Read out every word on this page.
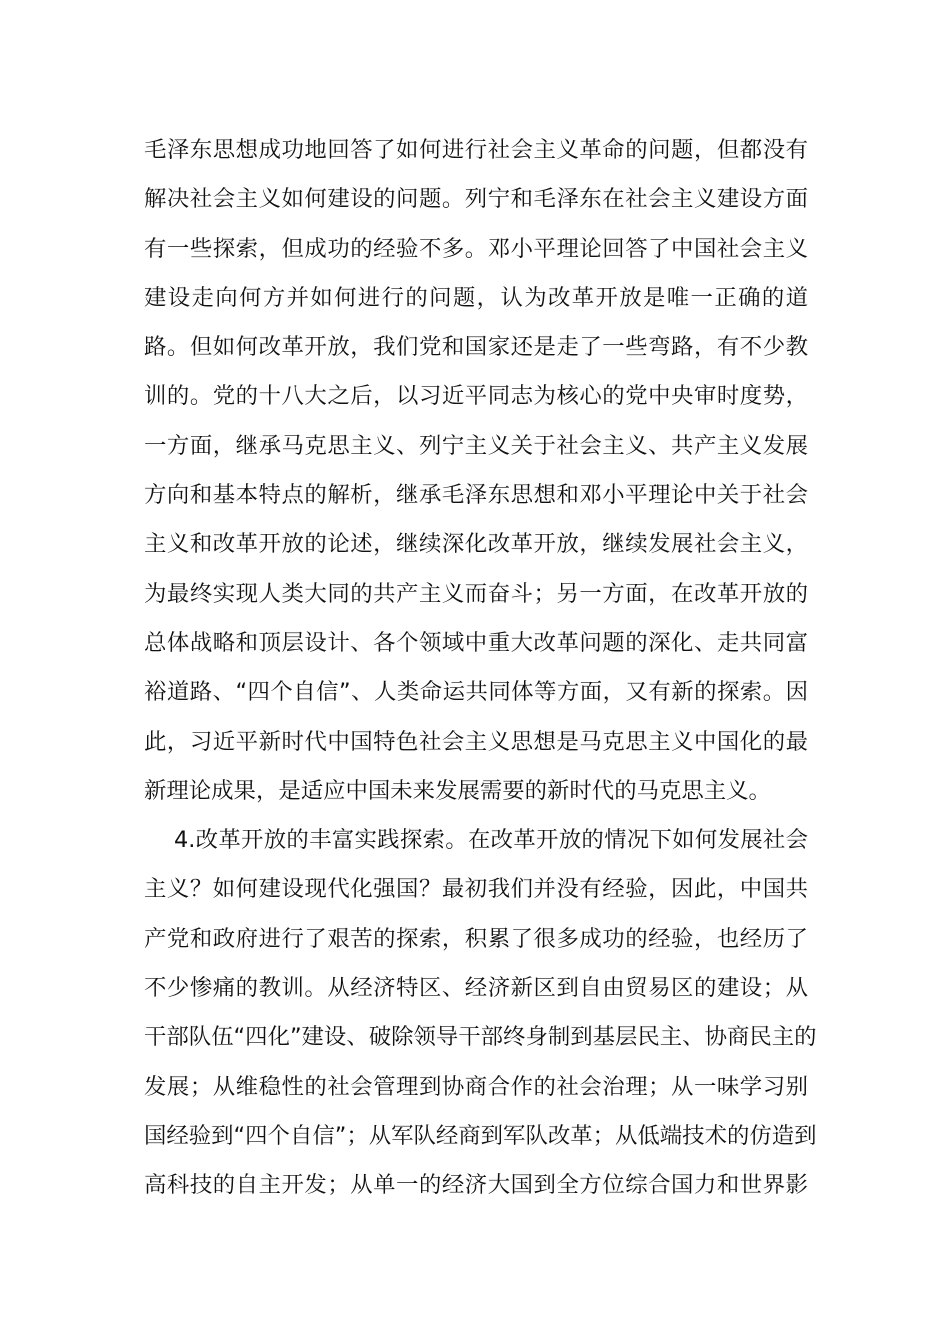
毛泽东思想成功地回答了如何进行社会主义革命的问题，但都没有
解决社会主义如何建设的问题。列宁和毛泽东在社会主义建设方面
有一些探索，但成功的经验不多。邓小平理论回答了中国社会主义
建设走向何方并如何进行的问题，认为改革开放是唯一正确的道
路。但如何改革开放，我们党和国家还是走了一些弯路，有不少教
训的。党的十八大之后，以习近平同志为核心的党中央审时度势，
一方面，继承马克思主义、列宁主义关于社会主义、共产主义发展
方向和基本特点的解析，继承毛泽东思想和邓小平理论中关于社会
主义和改革开放的论述，继续深化改革开放，继续发展社会主义，
为最终实现人类大同的共产主义而奋斗；另一方面，在改革开放的
总体战略和顶层设计、各个领域中重大改革问题的深化、走共同富
裕道路、“四个自信”、人类命运共同体等方面，又有新的探索。因
此，习近平新时代中国特色社会主义思想是马克思主义中国化的最
新理论成果，是适应中国未来发展需要的新时代的马克思主义。
4.改革开放的丰富实践探索。在改革开放的情况下如何发展社会
主义？如何建设现代化强国？最初我们并没有经验，因此，中国共
产党和政府进行了艰苦的探索，积累了很多成功的经验，也经历了
不少惨痛的教训。从经济特区、经济新区到自由贸易区的建设；从
干部队伍“四化”建设、破除领导干部终身制到基层民主、协商民主的
发展；从维稳性的社会管理到协商合作的社会治理；从一味学习别
国经验到“四个自信”；从军队经商到军队改革；从低端技术的仿造到
高科技的自主开发；从单一的经济大国到全方位综合国力和世界影
